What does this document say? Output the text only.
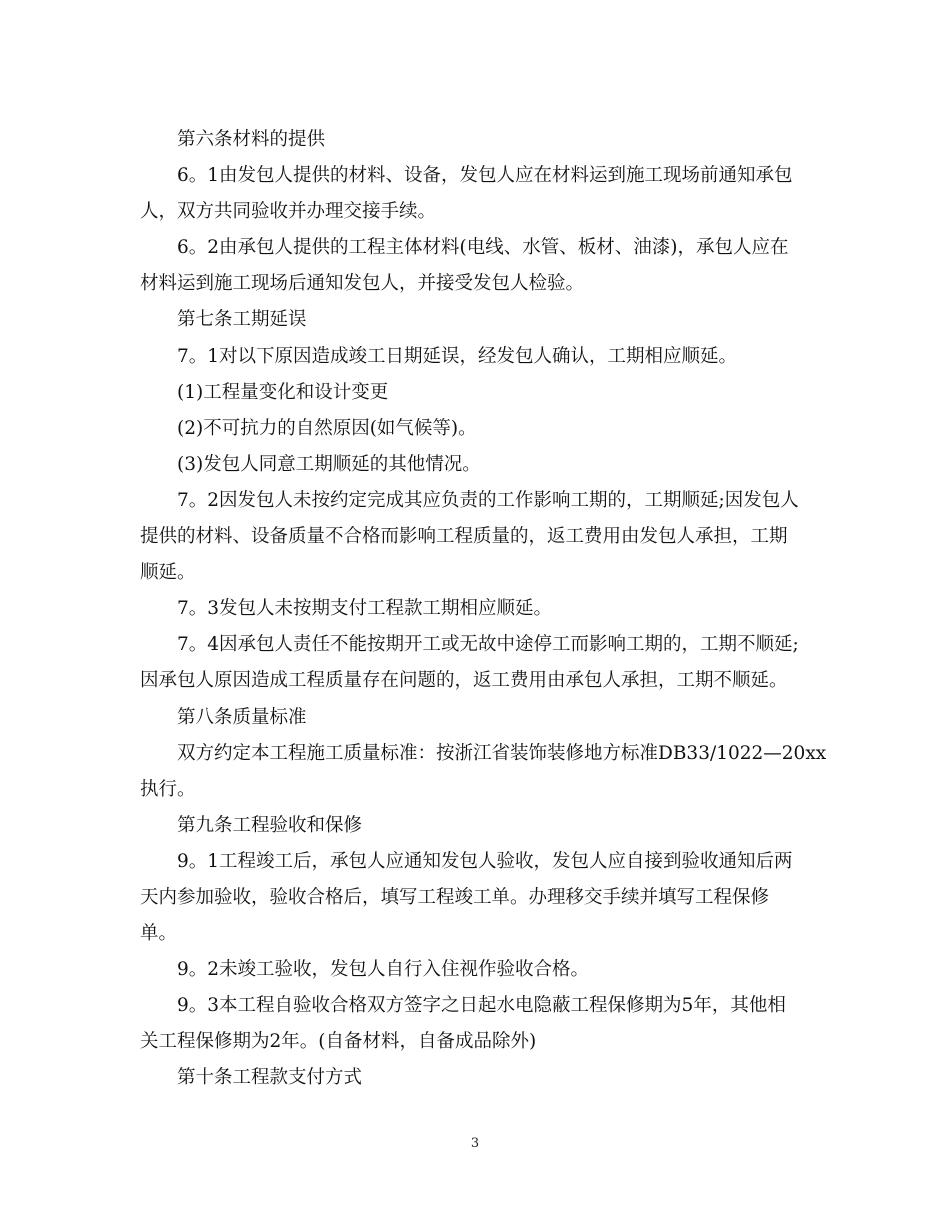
第六条材料的提供
6。1由发包人提供的材料、设备，发包人应在材料运到施工现场前通知承包
人，双方共同验收并办理交接手续。
6。2由承包人提供的工程主体材料(电线、水管、板材、油漆)，承包人应在
材料运到施工现场后通知发包人，并接受发包人检验。
第七条工期延误
7。1对以下原因造成竣工日期延误，经发包人确认，工期相应顺延。
(1)工程量变化和设计变更
(2)不可抗力的自然原因(如气候等)。
(3)发包人同意工期顺延的其他情况。
7。2因发包人未按约定完成其应负责的工作影响工期的，工期顺延;因发包人
提供的材料、设备质量不合格而影响工程质量的，返工费用由发包人承担，工期
顺延。
7。3发包人未按期支付工程款工期相应顺延。
7。4因承包人责任不能按期开工或无故中途停工而影响工期的，工期不顺延;
因承包人原因造成工程质量存在问题的，返工费用由承包人承担，工期不顺延。
第八条质量标准
双方约定本工程施工质量标准：按浙江省装饰装修地方标准DB33/1022—20xx
执行。
第九条工程验收和保修
9。1工程竣工后，承包人应通知发包人验收，发包人应自接到验收通知后两
天内参加验收，验收合格后，填写工程竣工单。办理移交手续并填写工程保修
单。
9。2未竣工验收，发包人自行入住视作验收合格。
9。3本工程自验收合格双方签字之日起水电隐蔽工程保修期为5年，其他相
关工程保修期为2年。(自备材料，自备成品除外)
第十条工程款支付方式
3
